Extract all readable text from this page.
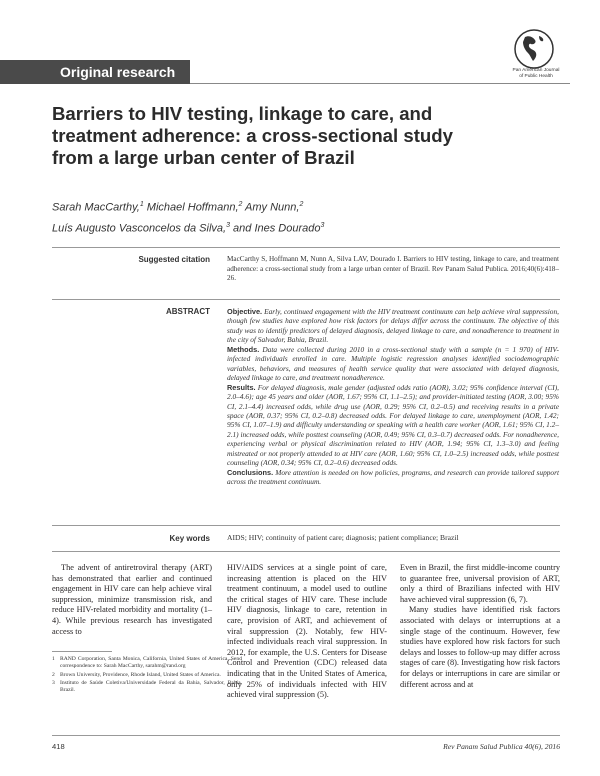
Pan American Journal
of Public Health
Original research
Barriers to HIV testing, linkage to care, and treatment adherence: a cross-sectional study from a large urban center of Brazil
Sarah MacCarthy,$^1$ Michael Hoffmann,$^2$ Amy Nunn,$^2$
Luís Augusto Vasconcelos da Silva,$^3$ and Ines Dourado$^3$
Suggested citation MacCarthy S, Hoffmann M, Nunn A, Silva LAV, Dourado I. Barriers to HIV testing, linkage to care, and treatment adherence: a cross-sectional study from a large urban center of Brazil. Rev Panam Salud Publica. 2016;40(6):418–26.
ABSTRACT Objective. Early, continued engagement with the HIV treatment continuum can help achieve viral suppression, though few studies have explored how risk factors for delays differ across the continuum. The objective of this study was to identify predictors of delayed diagnosis, delayed linkage to care, and nonadherence to treatment in the city of Salvador, Bahia, Brazil.

Methods. Data were collected during 2010 in a cross-sectional study with a sample (n = 1 970) of HIV-infected individuals enrolled in care. Multiple logistic regression analyses identified sociodemographic variables, behaviors, and measures of health service quality that were associated with delayed diagnosis, delayed linkage to care, and treatment nonadherence.

Results. For delayed diagnosis, male gender (adjusted odds ratio (AOR), 3.02; 95% confidence interval (CI), 2.0–4.6); age 45 years and older (AOR, 1.67; 95% CI, 1.1–2.5); and provider-initiated testing (AOR, 3.00; 95% CI, 2.1–4.4) increased odds, while drug use (AOR, 0.29; 95% CI, 0.2–0.5) and receiving results in a private space (AOR, 0.37; 95% CI, 0.2–0.8) decreased odds. For delayed linkage to care, unemployment (AOR, 1.42; 95% CI, 1.07–1.9) and difficulty understanding or speaking with a health care worker (AOR, 1.61; 95% CI, 1.2–2.1) increased odds, while posttest counseling (AOR, 0.49; 95% CI, 0.3–0.7) decreased odds. For nonadherence, experiencing verbal or physical discrimination related to HIV (AOR, 1.94; 95% CI, 1.3–3.0) and feeling mistreated or not properly attended to at HIV care (AOR, 1.60; 95% CI, 1.0–2.5) increased odds, while posttest counseling (AOR, 0.34; 95% CI, 0.2–0.6) decreased odds.

Conclusions. More attention is needed on how policies, programs, and research can provide tailored support across the treatment continuum.

Key words AIDS; HIV; continuity of patient care; diagnosis; patient compliance; Brazil

The advent of antiretroviral therapy (ART) has demonstrated that earlier and continued engagement in HIV care can help achieve viral suppression, minimize transmission risk, and reduce HIV-related morbidity and mortality (1–4). While previous research has investigated access to

HIV/AIDS services at a single point of care, increasing attention is placed on the HIV treatment continuum, a model used to outline the critical stages of HIV care. These include HIV diagnosis, linkage to care, retention in care, provision of ART, and achievement of viral suppression (2). Notably, few HIV-infected individuals reach viral suppression. In 2012, for example, the U.S. Centers for Disease Control and Prevention (CDC) released data indicating that in the United States of America, only 25% of individuals infected with HIV achieved viral suppression (5).

Even in Brazil, the first middle-income country to guarantee free, universal provision of ART, only a third of Brazilians infected with HIV have achieved viral suppression (6, 7).

Many studies have identified risk factors associated with delays or interruptions at a single stage of the continuum. However, few studies have explored how risk factors for such delays and losses to follow-up may differ across stages of care (8). Investigating how risk factors for delays or interruptions in care are similar or different across and at

1 RAND Corporation, Santa Monica, California, United States of America. Send correspondence to: Sarah MacCarthy, sarahm@rand.org
2 Brown University, Providence, Rhode Island, United States of America.
3 Instituto de Saúde Coletiva/Universidade Federal da Bahia, Salvador, Bahia, Brazil.
418	Rev Panam Salud Publica 40(6), 2016
